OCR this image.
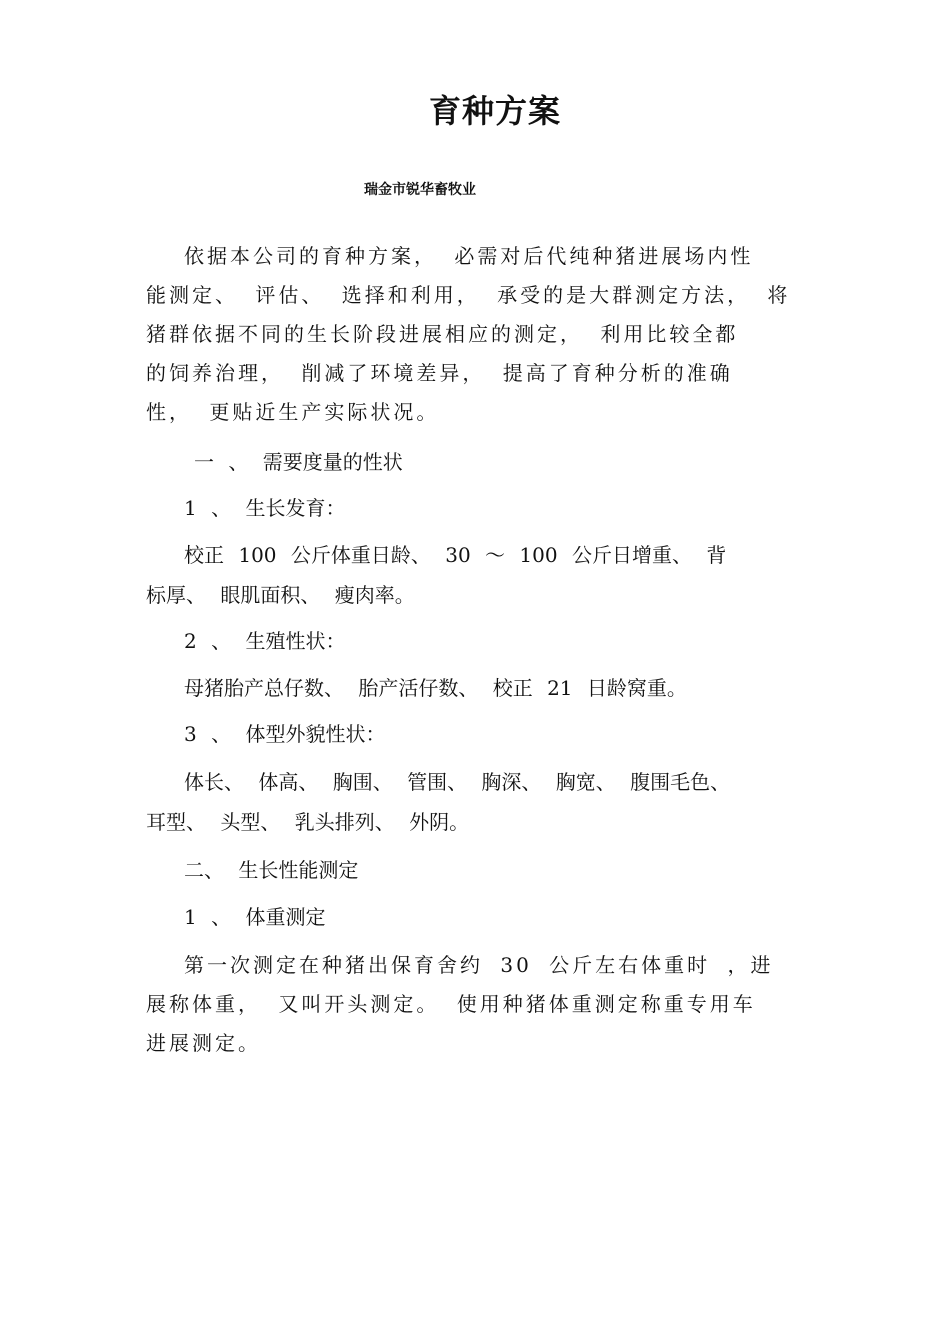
育种方案

瑞金市锐华畜牧业

依据本公司的育种方案， 必需对后代纯种猪进展场内性
能测定、 评估、 选择和利用， 承受的是大群测定方法， 将
猪群依据不同的生长阶段进展相应的测定， 利用比较全都
的饲养治理， 削减了环境差异， 提高了育种分析的准确
性， 更贴近生产实际状况。
一 、 需要度量的性状
1 、 生长发育：
校正 100 公斤体重日龄、 30 ～ 100 公斤日增重、 背
标厚、 眼肌面积、 瘦肉率。
2 、 生殖性状：
母猪胎产总仔数、 胎产活仔数、 校正 21 日龄窝重。
3 、 体型外貌性状：
体长、 体高、 胸围、 管围、 胸深、 胸宽、 腹围毛色、
耳型、 头型、 乳头排列、 外阴。
二、 生长性能测定
1 、 体重测定
第一次测定在种猪出保育舍约 30 公斤左右体重时 ，进
展称体重， 又叫开头测定。 使用种猪体重测定称重专用车
进展测定。
